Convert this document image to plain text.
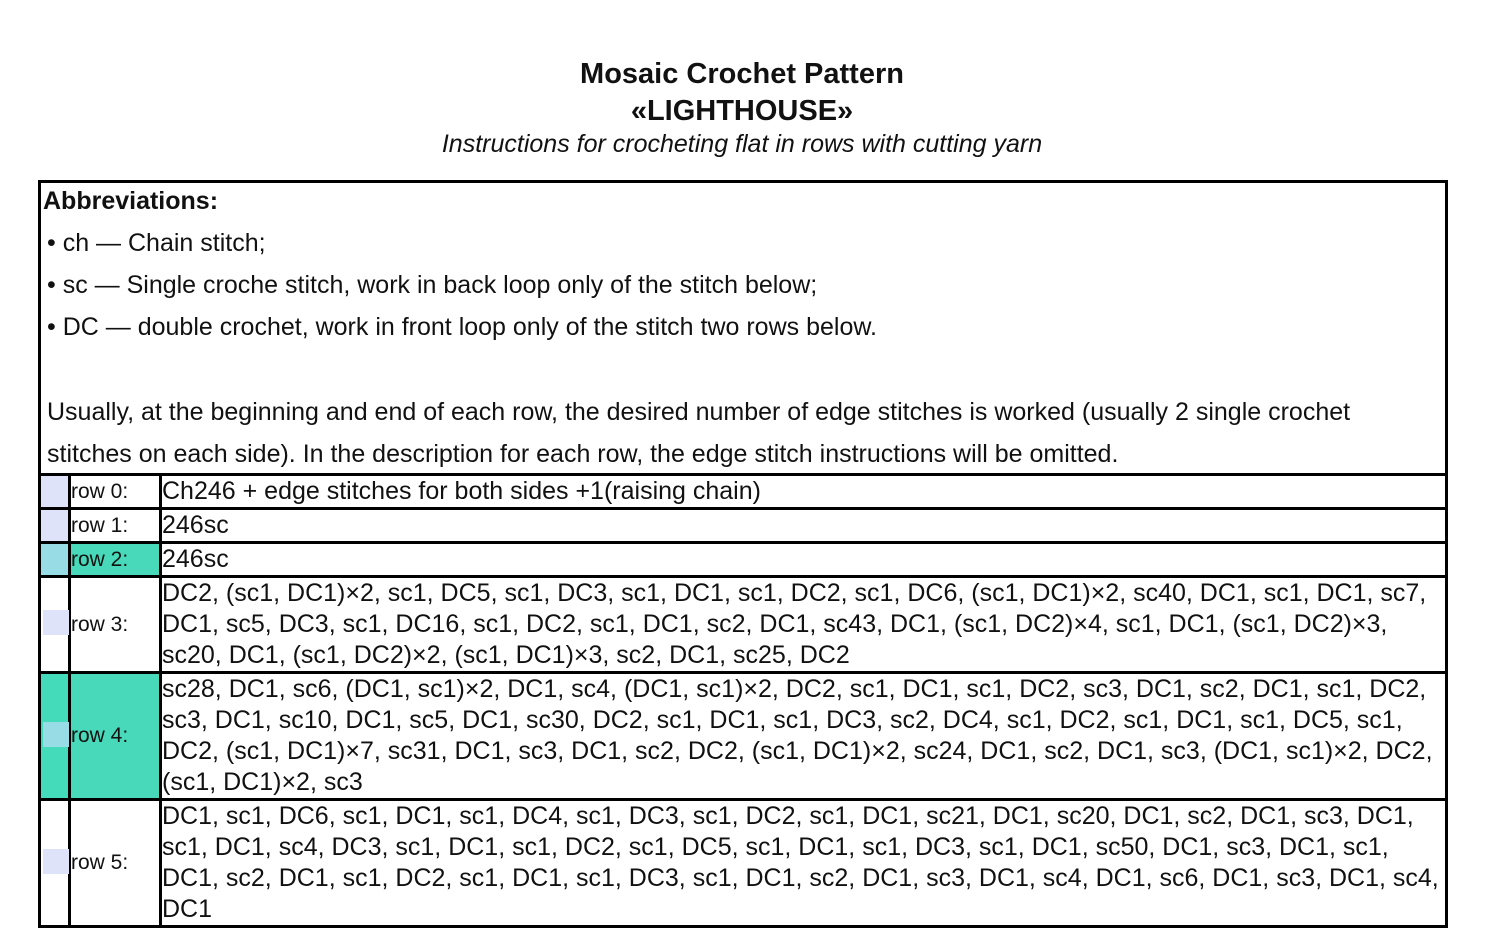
Mosaic Crochet Pattern
«LIGHTHOUSE»
Instructions for crocheting flat in rows with cutting yarn
Abbreviations:
• ch — Chain stitch;
• sc — Single croche stitch, work in back loop only of the stitch below;
• DC — double crochet, work in front loop only of the stitch two rows below.
Usually, at the beginning and end of each row, the desired number of edge stitches is worked (usually 2 single crochet stitches on each side). In the description for each row, the edge stitch instructions will be omitted.
	row 0:	Ch246 + edge stitches for both sides +1(raising chain)
	row 1:	246sc
	row 2:	246sc

	row 3:	DC2, (sc1, DC1)×2, sc1, DC5, sc1, DC3, sc1, DC1, sc1, DC2, sc1, DC6, (sc1, DC1)×2, sc40, DC1, sc1, DC1, sc7, DC1, sc5, DC3, sc1, DC16, sc1, DC2, sc1, DC1, sc2, DC1, sc43, DC1, (sc1, DC2)×4, sc1, DC1, (sc1, DC2)×3, sc20, DC1, (sc1, DC2)×2, (sc1, DC1)×3, sc2, DC1, sc25, DC2

	row 4:	sc28, DC1, sc6, (DC1, sc1)×2, DC1, sc4, (DC1, sc1)×2, DC2, sc1, DC1, sc1, DC2, sc3, DC1, sc2, DC1, sc1, DC2, sc3, DC1, sc10, DC1, sc5, DC1, sc30, DC2, sc1, DC1, sc1, DC3, sc2, DC4, sc1, DC2, sc1, DC1, sc1, DC5, sc1, DC2, (sc1, DC1)×7, sc31, DC1, sc3, DC1, sc2, DC2, (sc1, DC1)×2, sc24, DC1, sc2, DC1, sc3, (DC1, sc1)×2, DC2, (sc1, DC1)×2, sc3

	row 5:	DC1, sc1, DC6, sc1, DC1, sc1, DC4, sc1, DC3, sc1, DC2, sc1, DC1, sc21, DC1, sc20, DC1, sc2, DC1, sc3, DC1, sc1, DC1, sc4, DC3, sc1, DC1, sc1, DC2, sc1, DC5, sc1, DC1, sc1, DC3, sc1, DC1, sc50, DC1, sc3, DC1, sc1, DC1, sc2, DC1, sc1, DC2, sc1, DC1, sc1, DC3, sc1, DC1, sc2, DC1, sc3, DC1, sc4, DC1, sc6, DC1, sc3, DC1, sc4, DC1
